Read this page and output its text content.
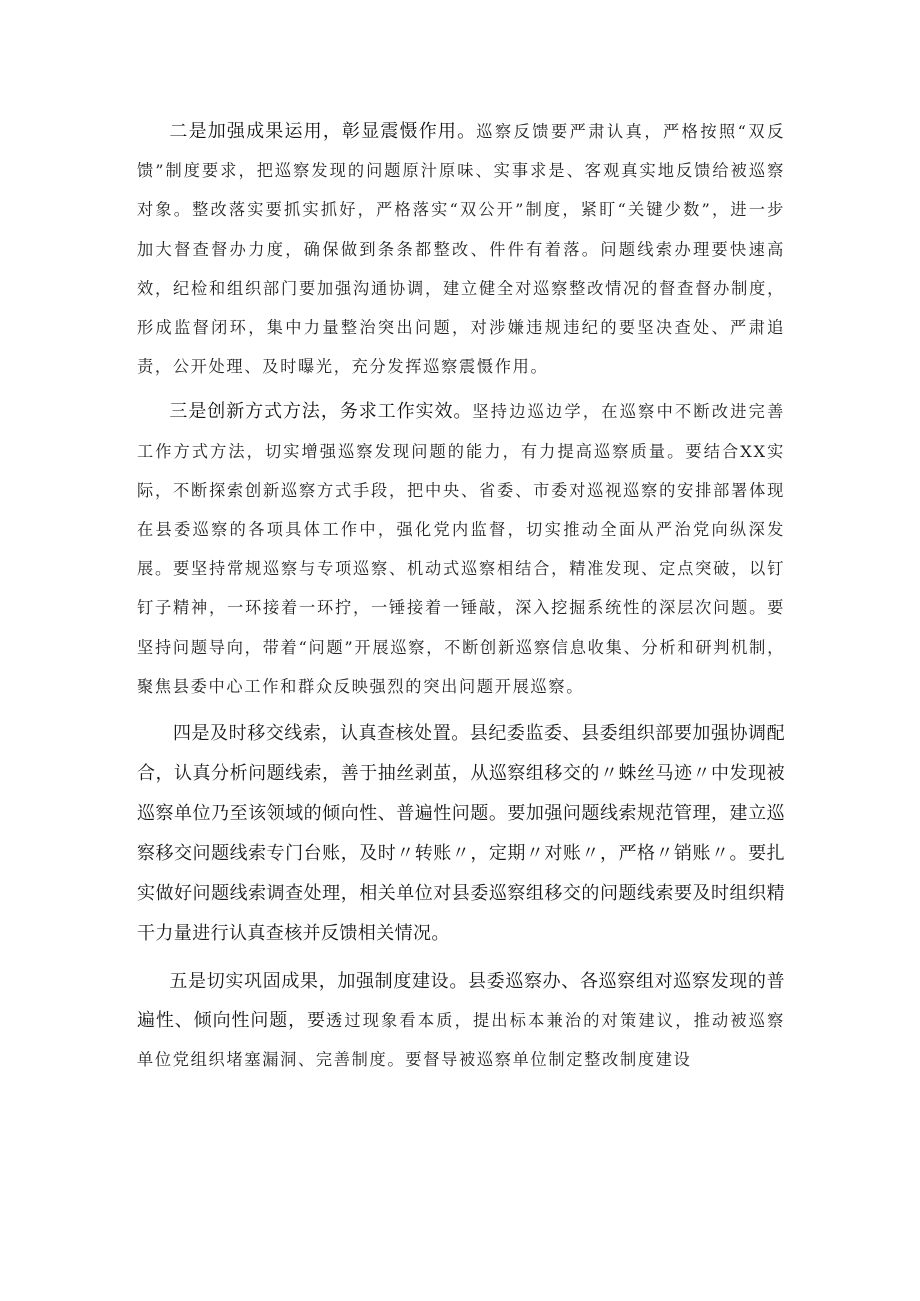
二是加强成果运用，彰显震慑作用。巡察反馈要严肃认真，严格按照“双反馈”制度要求，把巡察发现的问题原汁原味、实事求是、客观真实地反馈给被巡察对象。整改落实要抓实抓好，严格落实“双公开”制度，紧盯“关键少数”，进一步加大督查督办力度，确保做到条条都整改、件件有着落。问题线索办理要快速高效，纪检和组织部门要加强沟通协调，建立健全对巡察整改情况的督查督办制度，形成监督闭环，集中力量整治突出问题，对涉嫌违规违纪的要坚决查处、严肃追责，公开处理、及时曝光，充分发挥巡察震慑作用。

三是创新方式方法，务求工作实效。坚持边巡边学，在巡察中不断改进完善工作方式方法，切实增强巡察发现问题的能力，有力提高巡察质量。要结合XX实际，不断探索创新巡察方式手段，把中央、省委、市委对巡视巡察的安排部署体现在县委巡察的各项具体工作中，强化党内监督，切实推动全面从严治党向纵深发展。要坚持常规巡察与专项巡察、机动式巡察相结合，精准发现、定点突破，以钉钉子精神，一环接着一环拧，一锤接着一锤敲，深入挖掘系统性的深层次问题。要坚持问题导向，带着“问题”开展巡察，不断创新巡察信息收集、分析和研判机制，聚焦县委中心工作和群众反映强烈的突出问题开展巡察。

四是及时移交线索，认真查核处置。县纪委监委、县委组织部要加强协调配合，认真分析问题线索，善于抽丝剥茧，从巡察组移交的〃蛛丝马迹〃中发现被巡察单位乃至该领域的倾向性、普遍性问题。要加强问题线索规范管理，建立巡察移交问题线索专门台账，及时〃转账〃，定期〃对账〃，严格〃销账〃。要扎实做好问题线索调查处理，相关单位对县委巡察组移交的问题线索要及时组织精干力量进行认真查核并反馈相关情况。

五是切实巩固成果，加强制度建设。县委巡察办、各巡察组对巡察发现的普遍性、倾向性问题，要透过现象看本质，提出标本兼治的对策建议，推动被巡察单位党组织堵塞漏洞、完善制度。要督导被巡察单位制定整改制度建设
